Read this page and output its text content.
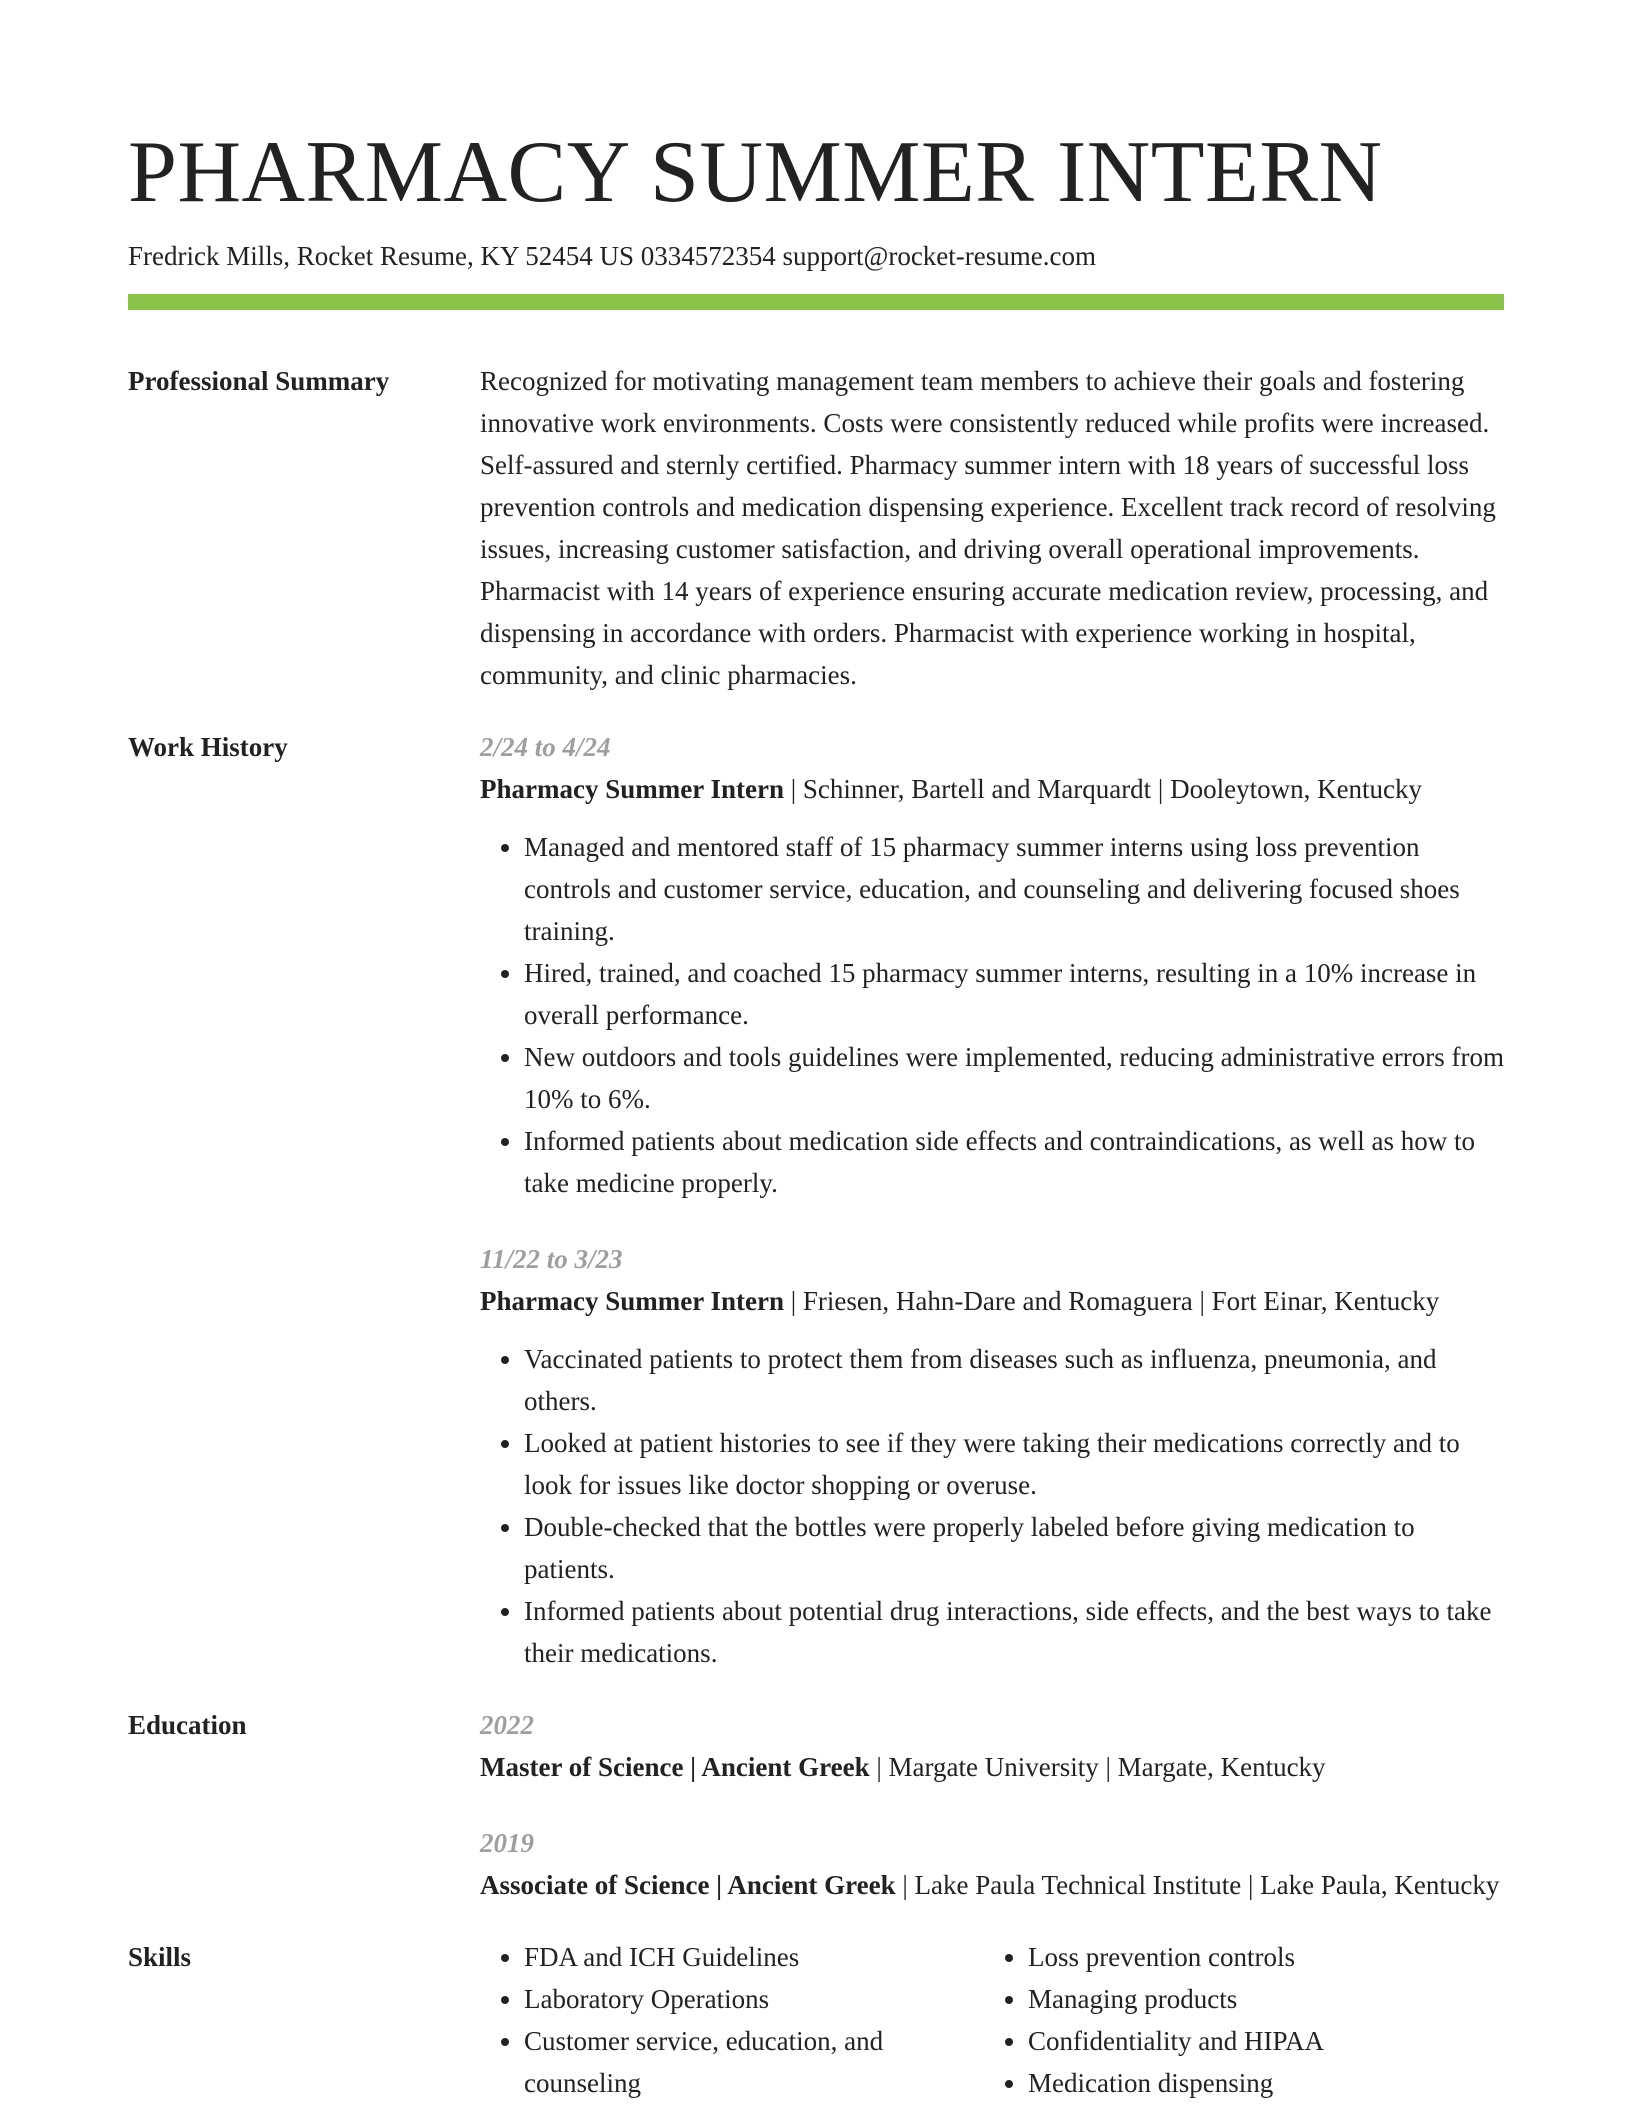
PHARMACY SUMMER INTERN
Fredrick Mills, Rocket Resume, KY 52454 US 0334572354 support@rocket-resume.com
Professional Summary	Recognized for motivating management team members to achieve their goals and fostering innovative work environments. Costs were consistently reduced while profits were increased. Self-assured and sternly certified. Pharmacy summer intern with 18 years of successful loss prevention controls and medication dispensing experience. Excellent track record of resolving issues, increasing customer satisfaction, and driving overall operational improvements. Pharmacist with 14 years of experience ensuring accurate medication review, processing, and dispensing in accordance with orders. Pharmacist with experience working in hospital, community, and clinic pharmacies.
Work History	2/24 to 4/24
Pharmacy Summer Intern | Schinner, Bartell and Marquardt | Dooleytown, Kentucky
• Managed and mentored staff of 15 pharmacy summer interns using loss prevention controls and customer service, education, and counseling and delivering focused shoes training.
• Hired, trained, and coached 15 pharmacy summer interns, resulting in a 10% increase in overall performance.
• New outdoors and tools guidelines were implemented, reducing administrative errors from 10% to 6%.
• Informed patients about medication side effects and contraindications, as well as how to take medicine properly.
11/22 to 3/23
Pharmacy Summer Intern | Friesen, Hahn-Dare and Romaguera | Fort Einar, Kentucky
• Vaccinated patients to protect them from diseases such as influenza, pneumonia, and others.
• Looked at patient histories to see if they were taking their medications correctly and to look for issues like doctor shopping or overuse.
• Double-checked that the bottles were properly labeled before giving medication to patients.
• Informed patients about potential drug interactions, side effects, and the best ways to take their medications.
Education	2022
Master of Science | Ancient Greek | Margate University | Margate, Kentucky
2019
Associate of Science | Ancient Greek | Lake Paula Technical Institute | Lake Paula, Kentucky
Skills
•	FDA and ICH Guidelines
• Laboratory Operations
• Customer service, education, and counseling
• Loss prevention controls
• Managing products
• Confidentiality and HIPAA
• Medication dispensing
